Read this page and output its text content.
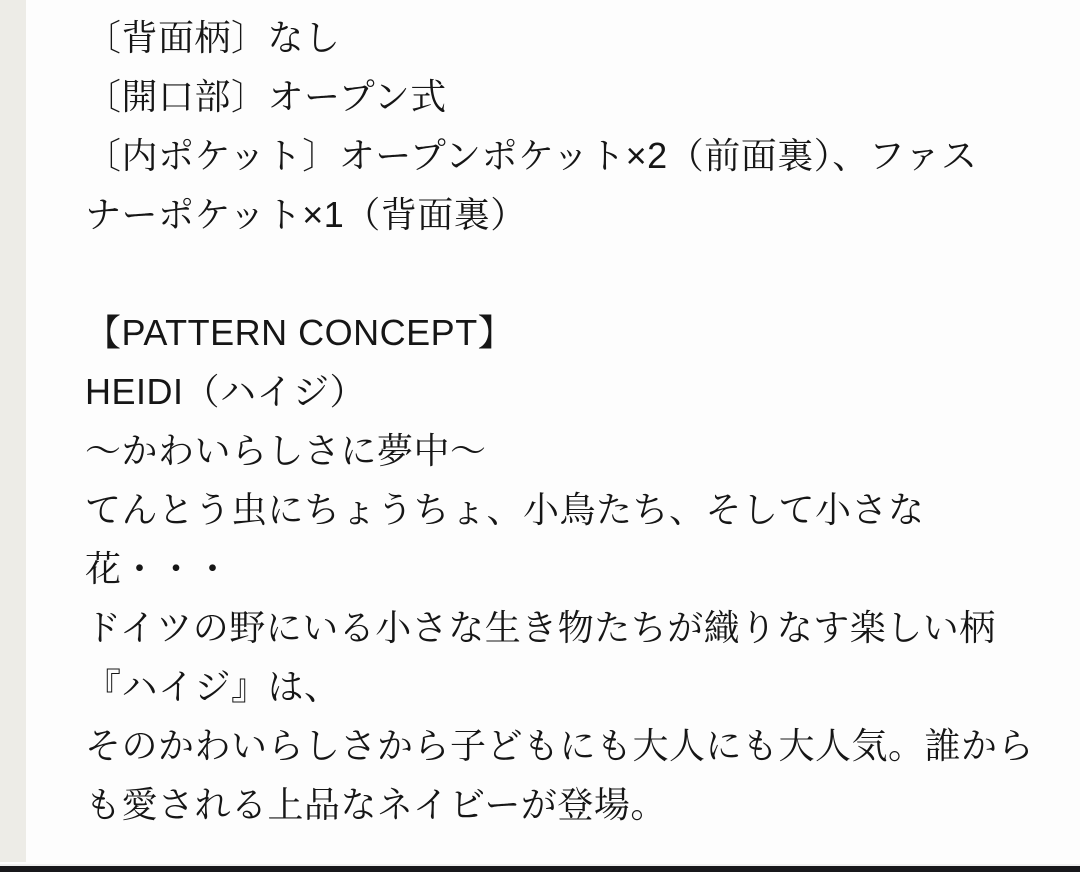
〔背面柄〕なし
〔開口部〕オープン式
〔内ポケット〕オープンポケット×2（前面裏）、ファス
ナーポケット×1（背面裏）
【PATTERN CONCEPT】
HEIDI（ハイジ）
～かわいらしさに夢中～
てんとう虫にちょうちょ、小鳥たち、そして小さな
花・・・
ドイツの野にいる小さな生き物たちが織りなす楽しい柄
『ハイジ』は、
そのかわいらしさから子どもにも大人にも大人気。誰から
も愛される上品なネイビーが登場。
